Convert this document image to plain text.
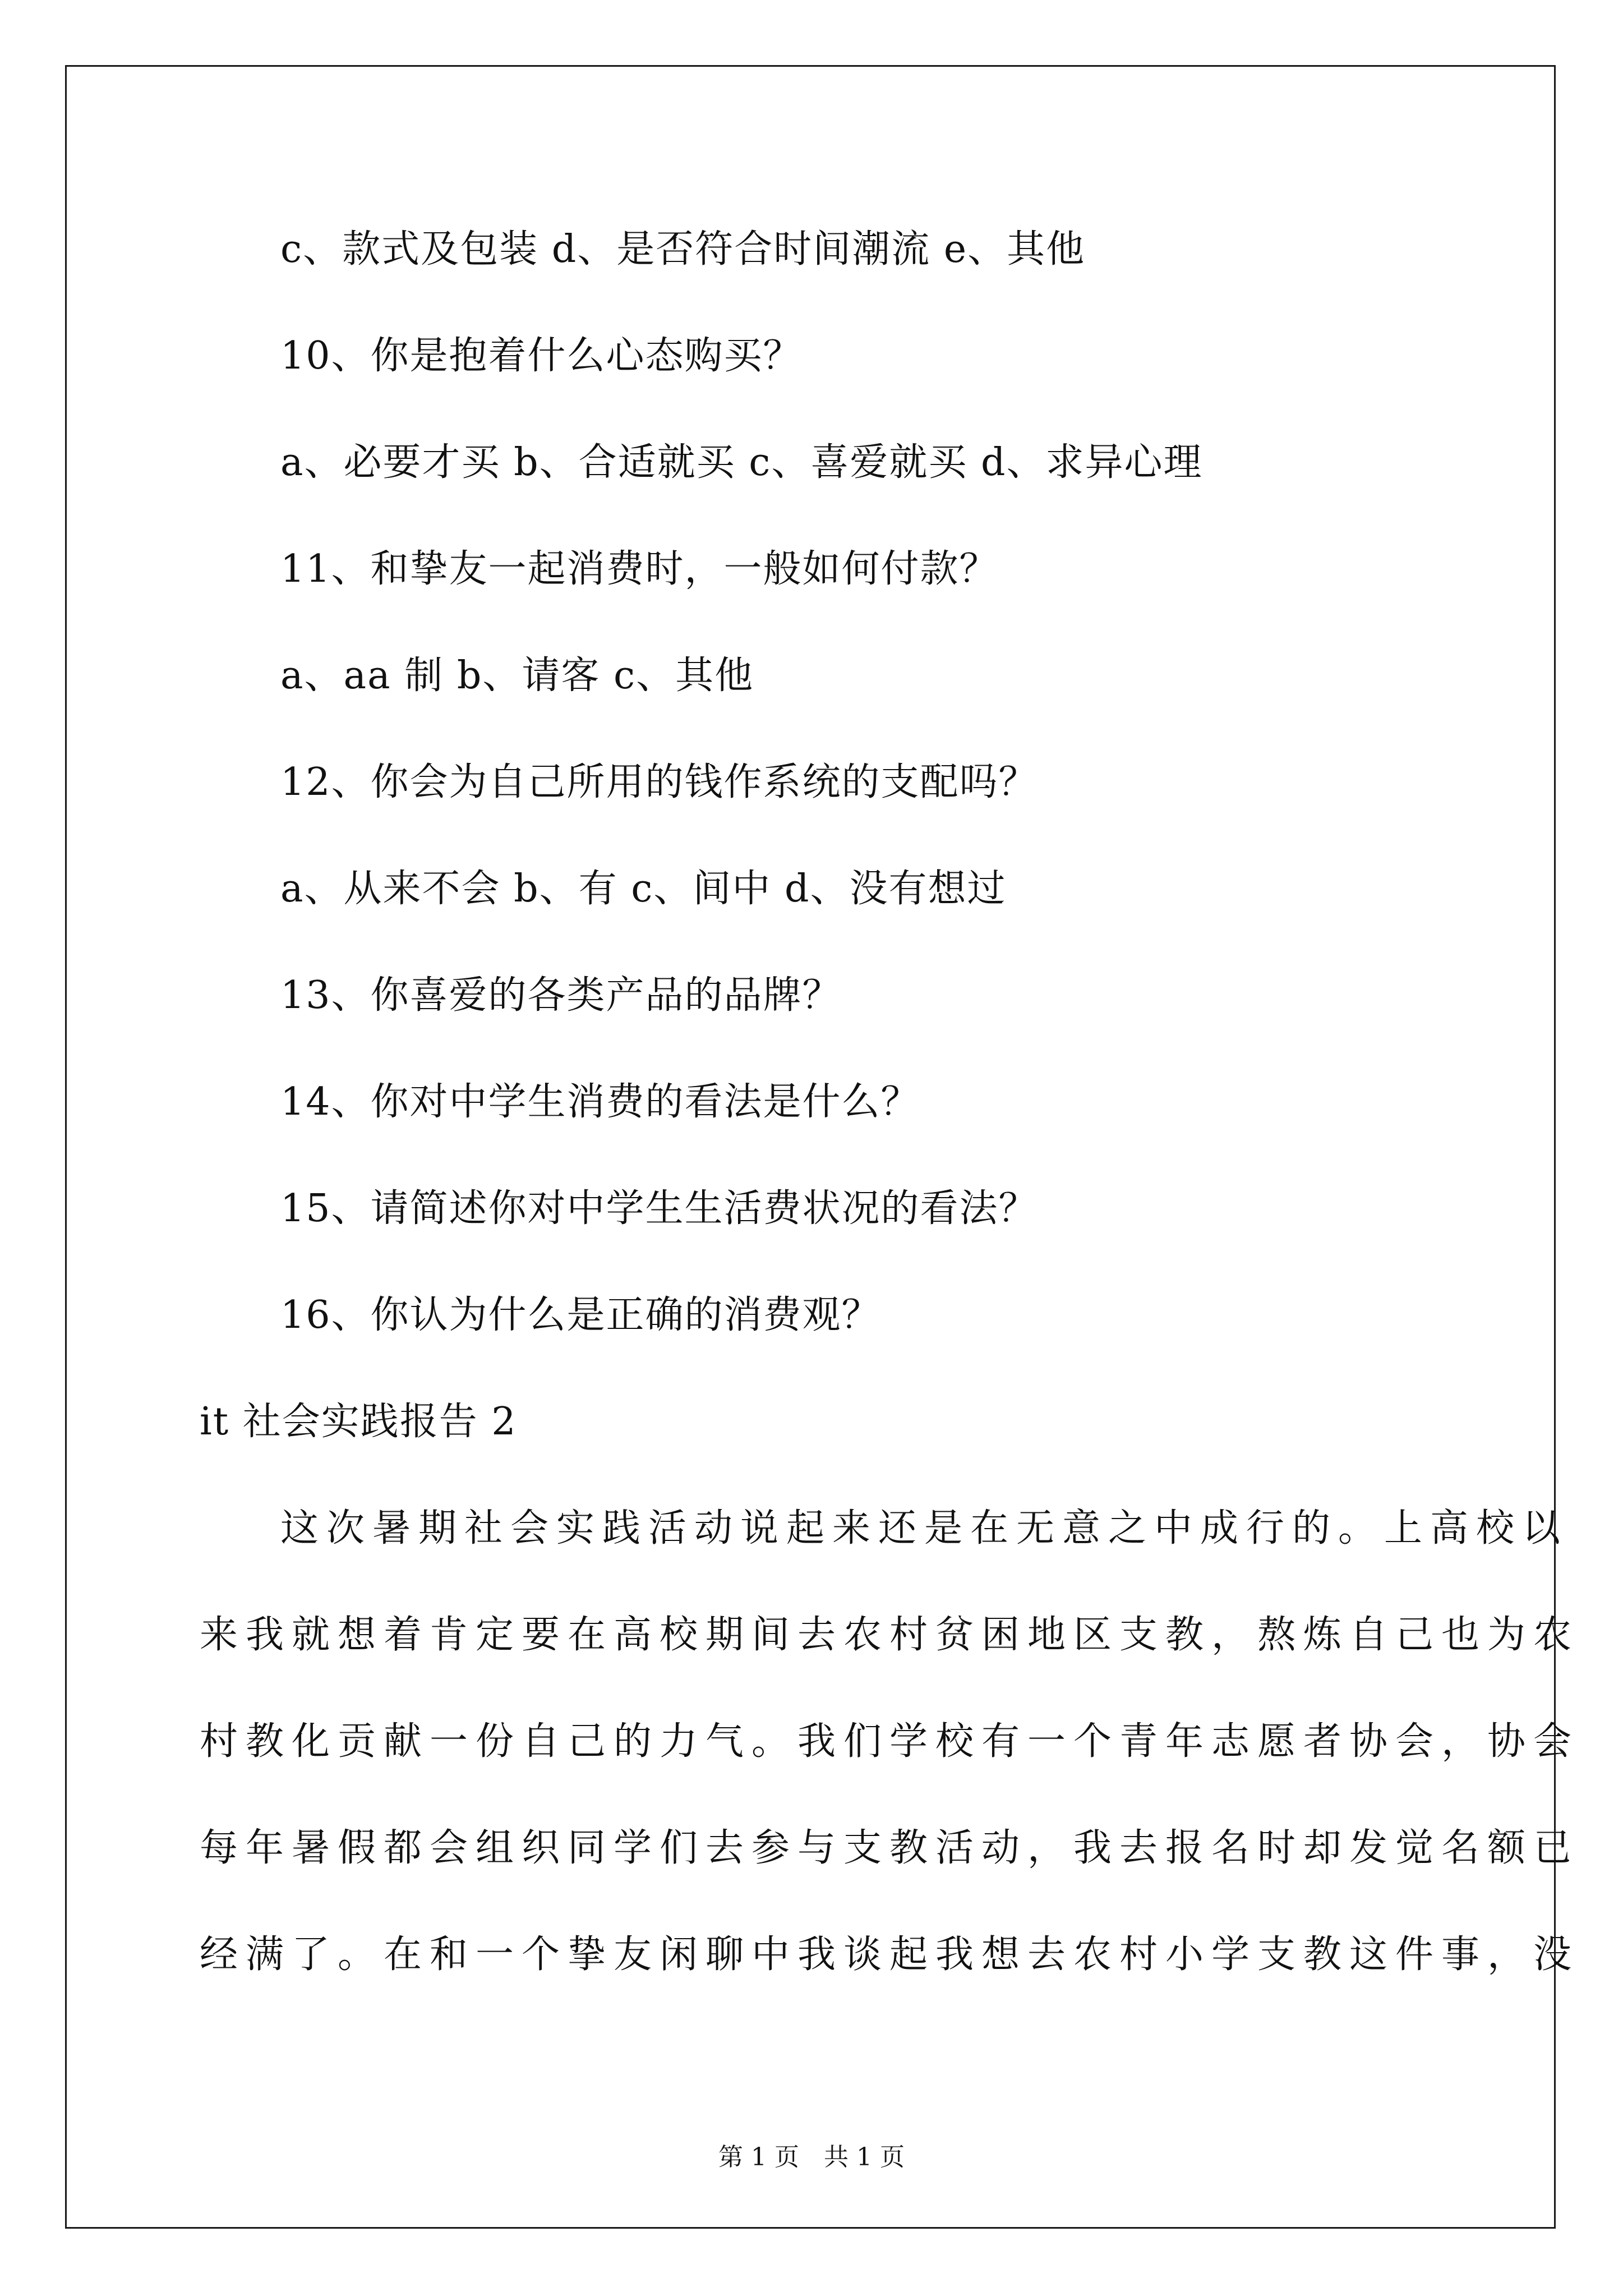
c、款式及包装 d、是否符合时间潮流 e、其他
10、你是抱着什么心态购买？
a、必要才买 b、合适就买 c、喜爱就买 d、求异心理
11、和挚友一起消费时，一般如何付款？
a、aa 制 b、请客 c、其他
12、你会为自己所用的钱作系统的支配吗？
a、从来不会 b、有 c、间中 d、没有想过
13、你喜爱的各类产品的品牌？
14、你对中学生消费的看法是什么？
15、请简述你对中学生生活费状况的看法？
16、你认为什么是正确的消费观？
it 社会实践报告 2
这次暑期社会实践活动说起来还是在无意之中成行的。上高校以
来我就想着肯定要在高校期间去农村贫困地区支教，熬炼自己也为农
村教化贡献一份自己的力气。我们学校有一个青年志愿者协会，协会
每年暑假都会组织同学们去参与支教活动，我去报名时却发觉名额已
经满了。在和一个挚友闲聊中我谈起我想去农村小学支教这件事，没
第 1 页　共 1 页
